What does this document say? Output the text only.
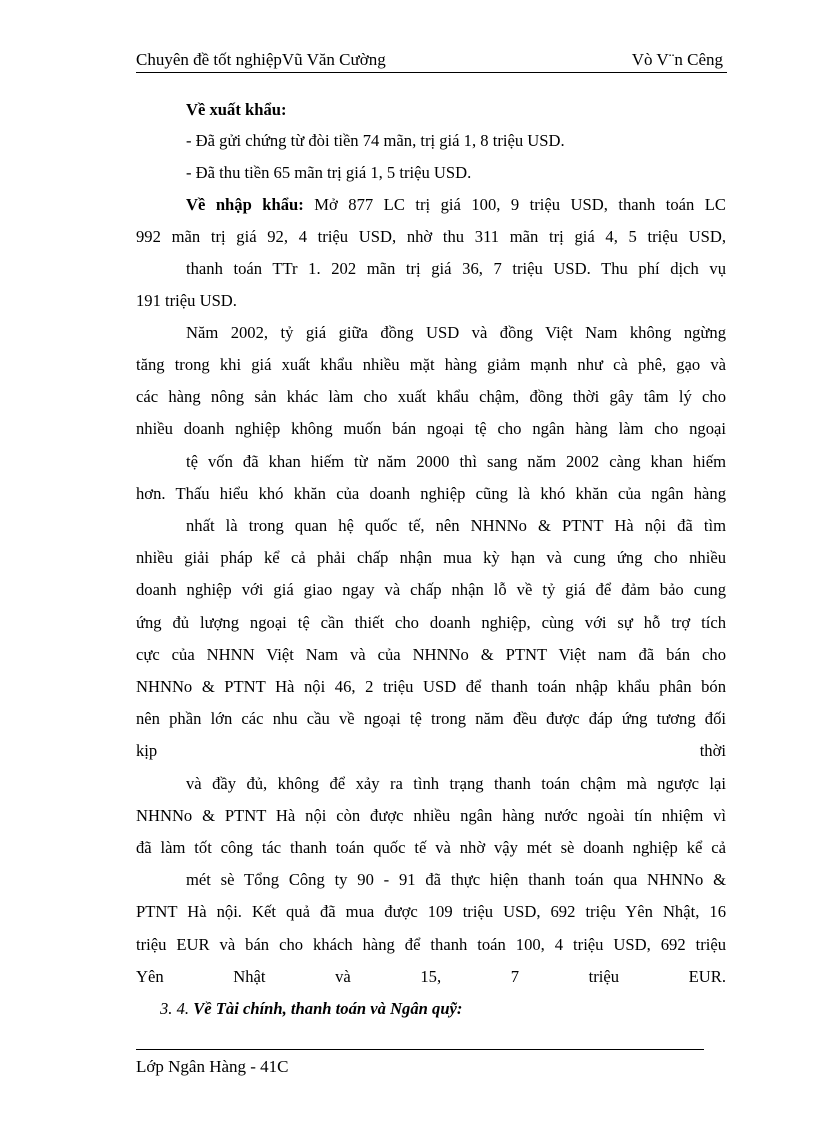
Chuyên đề tốt nghiệpVũ Văn Cường	Vò V¨n Cêng
Về xuất khẩu:
- Đã gửi chứng từ đòi tiền 74 mãn, trị giá 1, 8 triệu USD.
- Đã thu tiền 65 mãn trị giá 1, 5 triệu USD.
Về nhập khẩu: Mở 877 LC trị giá 100, 9 triệu USD, thanh toán LC
992 mãn trị giá 92, 4 triệu USD, nhờ thu 311 mãn trị giá 4, 5 triệu USD,
thanh toán TTr 1. 202 mãn trị giá 36, 7 triệu USD. Thu phí dịch vụ
191 triệu USD.
Năm 2002, tỷ giá giữa đồng USD và đồng Việt Nam không ngừng
tăng trong khi giá xuất khẩu nhiều mặt hàng giảm mạnh như cà phê, gạo và
các hàng nông sản khác làm cho xuất khẩu chậm, đồng thời gây tâm lý cho
nhiều doanh nghiệp không muốn bán ngoại tệ cho ngân hàng làm cho ngoại
tệ vốn đã khan hiếm từ năm 2000 thì sang năm 2002 càng khan hiếm
hơn. Thấu hiểu khó khăn của doanh nghiệp cũng là khó khăn của ngân hàng
nhất là trong quan hệ quốc tế, nên NHNNo & PTNT Hà nội đã tìm
nhiều giải pháp kể cả phải chấp nhận mua kỳ hạn và cung ứng cho nhiều
doanh nghiệp với giá giao ngay và chấp nhận lỗ về tỷ giá để đảm bảo cung
ứng đủ lượng ngoại tệ cần thiết cho doanh nghiệp, cùng với sự hỗ trợ tích
cực của NHNN Việt Nam và của NHNNo & PTNT Việt nam đã bán cho
NHNNo & PTNT Hà nội 46, 2 triệu USD để thanh toán nhập khẩu phân bón
nên phần lớn các nhu cầu về ngoại tệ trong năm đều được đáp ứng tương đối
kịp thời
và đầy đủ, không để xảy ra tình trạng thanh toán chậm mà ngược lại
NHNNo & PTNT Hà nội còn được nhiều ngân hàng nước ngoài tín nhiệm vì
đã làm tốt công tác thanh toán quốc tế và nhờ vậy mét sè doanh nghiệp kể cả
mét sè Tổng Công ty 90 - 91 đã thực hiện thanh toán qua NHNNo &
PTNT Hà nội. Kết quả đã mua được 109 triệu USD, 692 triệu Yên Nhật, 16
triệu EUR và bán cho khách hàng để thanh toán 100, 4 triệu USD, 692 triệu
Yên Nhật và 15, 7 triệu EUR.
3. 4. Về Tài chính, thanh toán và Ngân quỹ:
Lớp Ngân Hàng - 41C
